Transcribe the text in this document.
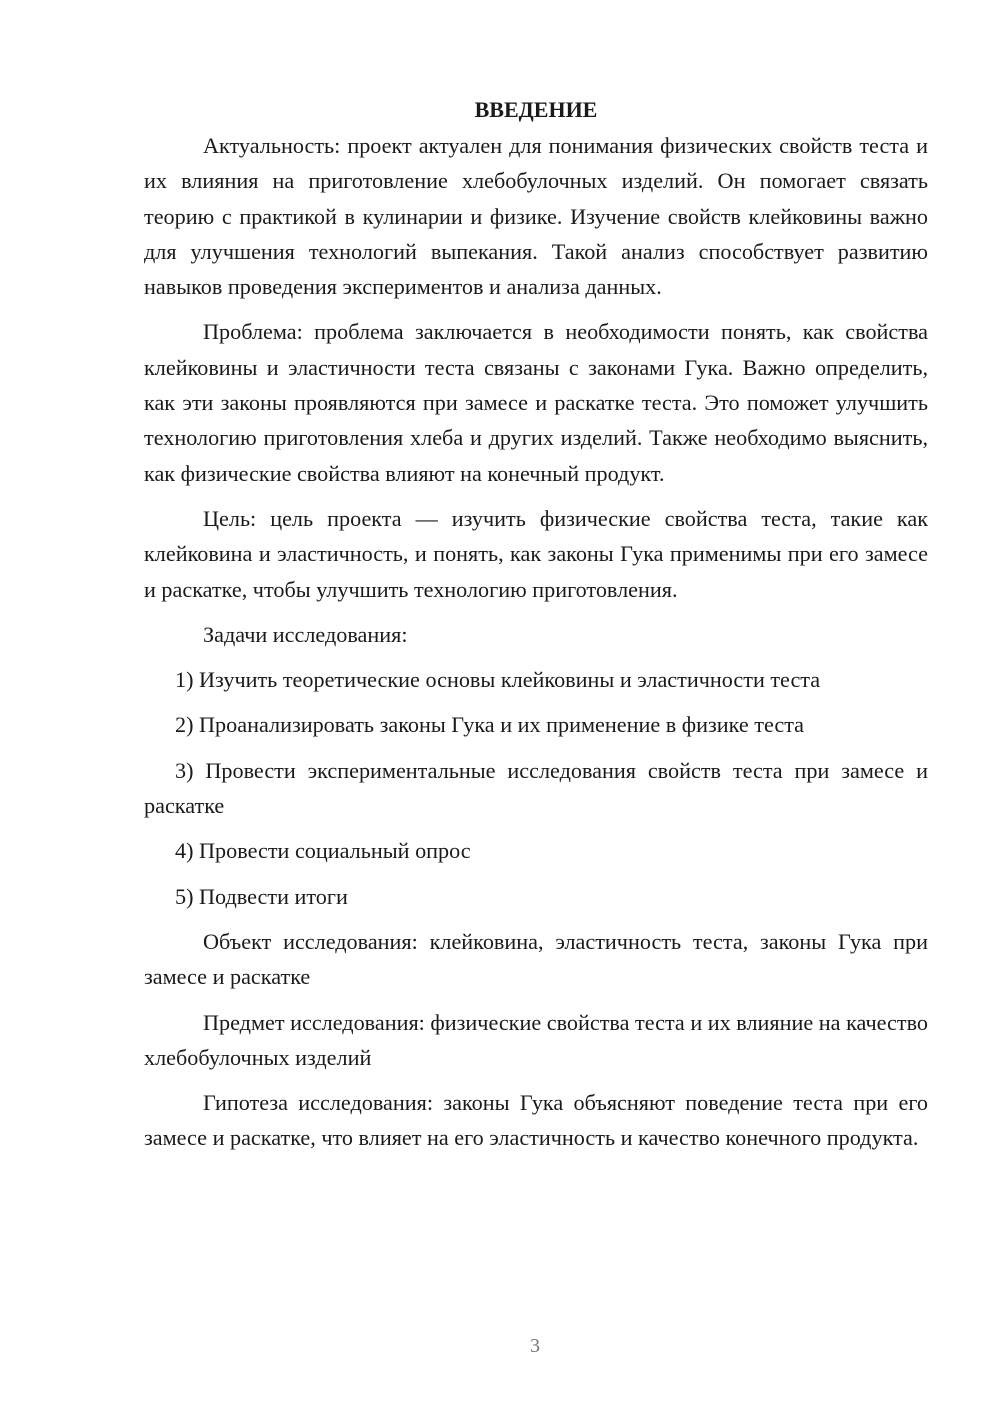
ВВЕДЕНИЕ

Актуальность: проект актуален для понимания физических свойств теста и их влияния на приготовление хлебобулочных изделий. Он помогает связать теорию с практикой в кулинарии и физике. Изучение свойств клейковины важно для улучшения технологий выпекания. Такой анализ способствует развитию навыков проведения экспериментов и анализа данных.

Проблема: проблема заключается в необходимости понять, как свойства клейковины и эластичности теста связаны с законами Гука. Важно определить, как эти законы проявляются при замесе и раскатке теста. Это поможет улучшить технологию приготовления хлеба и других изделий. Также необходимо выяснить, как физические свойства влияют на конечный продукт.

Цель: цель проекта — изучить физические свойства теста, такие как клейковина и эластичность, и понять, как законы Гука применимы при его замесе и раскатке, чтобы улучшить технологию приготовления.

Задачи исследования:

1) Изучить теоретические основы клейковины и эластичности теста

2) Проанализировать законы Гука и их применение в физике теста

3) Провести экспериментальные исследования свойств теста при замесе и раскатке

4) Провести социальный опрос

5) Подвести итоги

Объект исследования: клейковина, эластичность теста, законы Гука при замесе и раскатке

Предмет исследования: физические свойства теста и их влияние на качество хлебобулочных изделий

Гипотеза исследования: законы Гука объясняют поведение теста при его замесе и раскатке, что влияет на его эластичность и качество конечного продукта.

3
